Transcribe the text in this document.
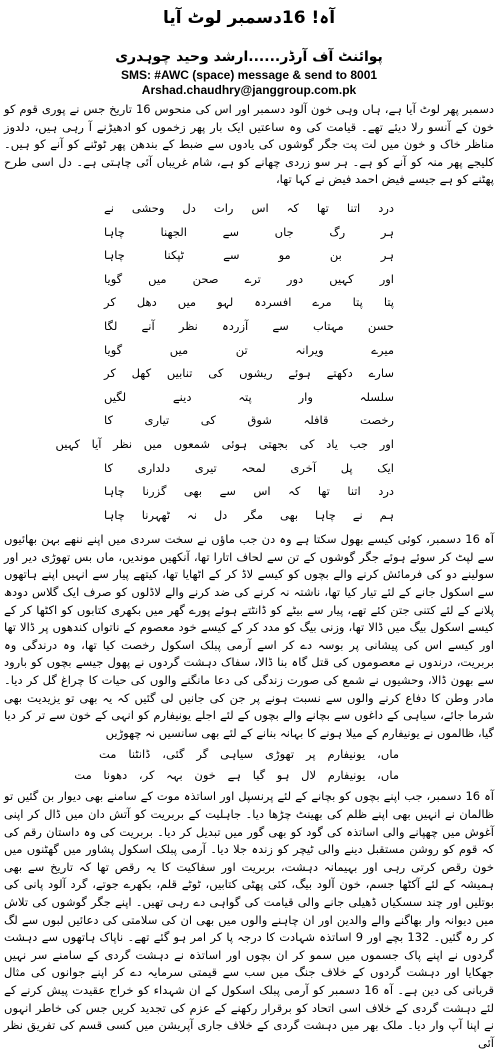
آہ! 16دسمبر لوٹ آیا
پوائنٹ آف آرڈر......ارشد وحید چوہدری
SMS: #AWC (space) message & send to 8001
Arshad.chaudhry@janggroup.com.pk

دسمبر پھر لوٹ آیا ہے، ہاں وہی خون آلود دسمبر اور اس کی منحوس 16 تاریخ جس نے پوری قوم کو خون کے آنسو رلا دیئے تھے۔ قیامت کی وہ ساعتیں ایک بار پھر زخموں کو ادھیڑنے آ رہی ہیں، دلدوز مناظر خاک و خون میں لت پت جگر گوشوں کی یادوں سے ضبط کے بندھن پھر ٹوٹنے کو آنے کو ہیں۔ کلیجے پھر منہ کو آنے کو ہے۔ ہر سو زردی چھانے کو ہے، شام غریباں آئی چاہتی ہے۔ دل اسی طرح پھٹنے کو ہے جیسے فیض احمد فیض نے کہا تھا،

درد اتنا تھا کہ اس رات دل وحشی نے
ہر رگ جاں سے الجھنا چاہا
ہر بن مو سے ٹپکنا چاہا
اور کہیں دور ترے صحن میں گویا
پتا پتا مرے افسردہ لہو میں دھل کر
حسن مہتاب سے آزردہ نظر آنے لگا
میرے ویرانہ تن میں گویا
سارے دکھتے ہوئے ریشوں کی تنابیں کھل کر
سلسلہ وار پتہ دینے لگیں
رخصت قافلہ شوق کی تیاری کا
اور جب یاد کی بجھتی ہوئی شمعوں میں نظر آیا کہیں
ایک پل آخری لمحہ تیری دلداری کا
درد اتنا تھا کہ اس سے بھی گزرنا چاہا
ہم نے چاہا بھی مگر دل نہ ٹھہرنا چاہا

آہ 16 دسمبر، کوئی کیسے بھول سکتا ہے وہ دن جب ماؤں نے سخت سردی میں اپنے ننھے بہن بھائیوں سے لپٹ کر سوئے ہوئے جگر گوشوں کے تن سے لحاف اتارا تھا، آنکھیں موندیں، ماں بس تھوڑی دیر اور سولینے دو کی فرمائش کرنے والے بچوں کو کیسے لاڈ کر کے اٹھایا تھا، کیتھے پیار سے انہیں اپنے ہاتھوں سے اسکول جانے کے لئے تیار کیا تھا، ناشتہ نہ کرنے کی ضد کرنے والے لاڈلوں کو صرف ایک گلاس دودھ پلانے کے لئے کتنی جتن کئے تھے، پیار سے بیٹے کو ڈانٹتے ہوئے پورے گھر میں بکھری کتابوں کو اکٹھا کر کے کیسے اسکول بیگ میں ڈالا تھا، وزنی بیگ کو مدد کر کے کیسے خود معصوم کے ناتواں کندھوں پر ڈالا تھا اور کیسے اس کی پیشانی پر بوسہ دے کر اسے آرمی پبلک اسکول رخصت کیا تھا، وہ درندگی وہ بربریت، درندوں نے معصوموں کی قتل گاہ بنا ڈالا، سفاک دہشت گردوں نے پھول جیسے بچوں کو بارود سے بھون ڈالا، وحشیوں نے شمع کی صورت زندگی کی دعا مانگنے والوں کی حیات کا چراغ گل کر دیا۔ مادر وطن کا دفاع کرنے والوں سے نسبت ہونے پر جن کی جانیں لی گئیں کہ یہ بھی تو یزیدیت بھی شرما جائے، سیاہی کے داغوں سے بچانے والے بچوں کے لئے اجلے یونیفارم کو انہی کے خون سے تر کر دیا گیا، ظالموں نے یونیفارم کے میلا ہونے کا بہانہ بنانے کے لئے بھی سانسیں نہ چھوڑیں

ماں، یونیفارم پر تھوڑی سیاہی گر گئی، ڈانٹنا مت
ماں، یونیفارم لال ہو گیا ہے خون بہہ کر، دھونا مت

آہ 16 دسمبر، جب اپنے بچوں کو بچانے کے لئے پرنسپل اور اساتذہ موت کے سامنے بھی دیوار بن گئیں تو ظالمان نے انہیں بھی اپنے ظلم کی بھینٹ چڑھا دیا۔ جاہلیت کے بربریت کو آتش دان میں ڈال کر اپنی آغوش میں چھپانے والی اساتذہ کی گود کو بھی گور میں تبدیل کر دیا۔ بربریت کی وہ داستان رقم کی کہ قوم کو روشن مستقبل دینے والی ٹیچر کو زندہ جلا دیا۔ آرمی پبلک اسکول پشاور میں گھٹنوں میں خون رقص کرتی رہی اور بہیمانہ دہشت، بربریت اور سفاکیت کا یہ رقص تھا کہ تاریخ سے بھی ہمیشہ کے لئے آکٹھا جسم، خون آلود بیگ، کئی پھٹی کتابیں، ٹوٹے قلم، بکھرے جوتے، گرد آلود پانی کی بوتلیں اور چند سسکیاں ڈھیلی جانے والی قیامت کی گواہی دے رہی تھیں۔ اپنے جگر گوشوں کی تلاش میں دیوانہ وار بھاگنے والے والدین اور ان چاہنے والوں میں بھی ان کی سلامتی کی دعائیں لبوں سے لگ کر رہ گئیں۔ 132 بچے اور 9 اساتذہ شہادت کا درجہ پا کر امر ہو گئے تھے۔ ناپاک ہاتھوں سے دہشت گردوں نے اپنے پاک جسموں میں سمو کر ان بچوں اور اساتذہ نے دہشت گردی کے سامنے سر نہیں جھکایا اور دہشت گردوں کے خلاف جنگ میں سب سے قیمتی سرمایہ دے کر اپنے جوانوں کی مثال قربانی کی دین ہے۔ آہ 16 دسمبر کو آرمی پبلک اسکول کے ان شہداء کو خراج عقیدت پیش کرنے کے لئے دہشت گردی کے خلاف اسی اتحاد کو برقرار رکھنے کے عزم کی تجدید کریں جس کی خاطر انہوں نے اپنا آپ وار دیا۔ ملک بھر میں دہشت گردی کے خلاف جاری آپریشن میں کسی قسم کی تفریق نظر آئی
